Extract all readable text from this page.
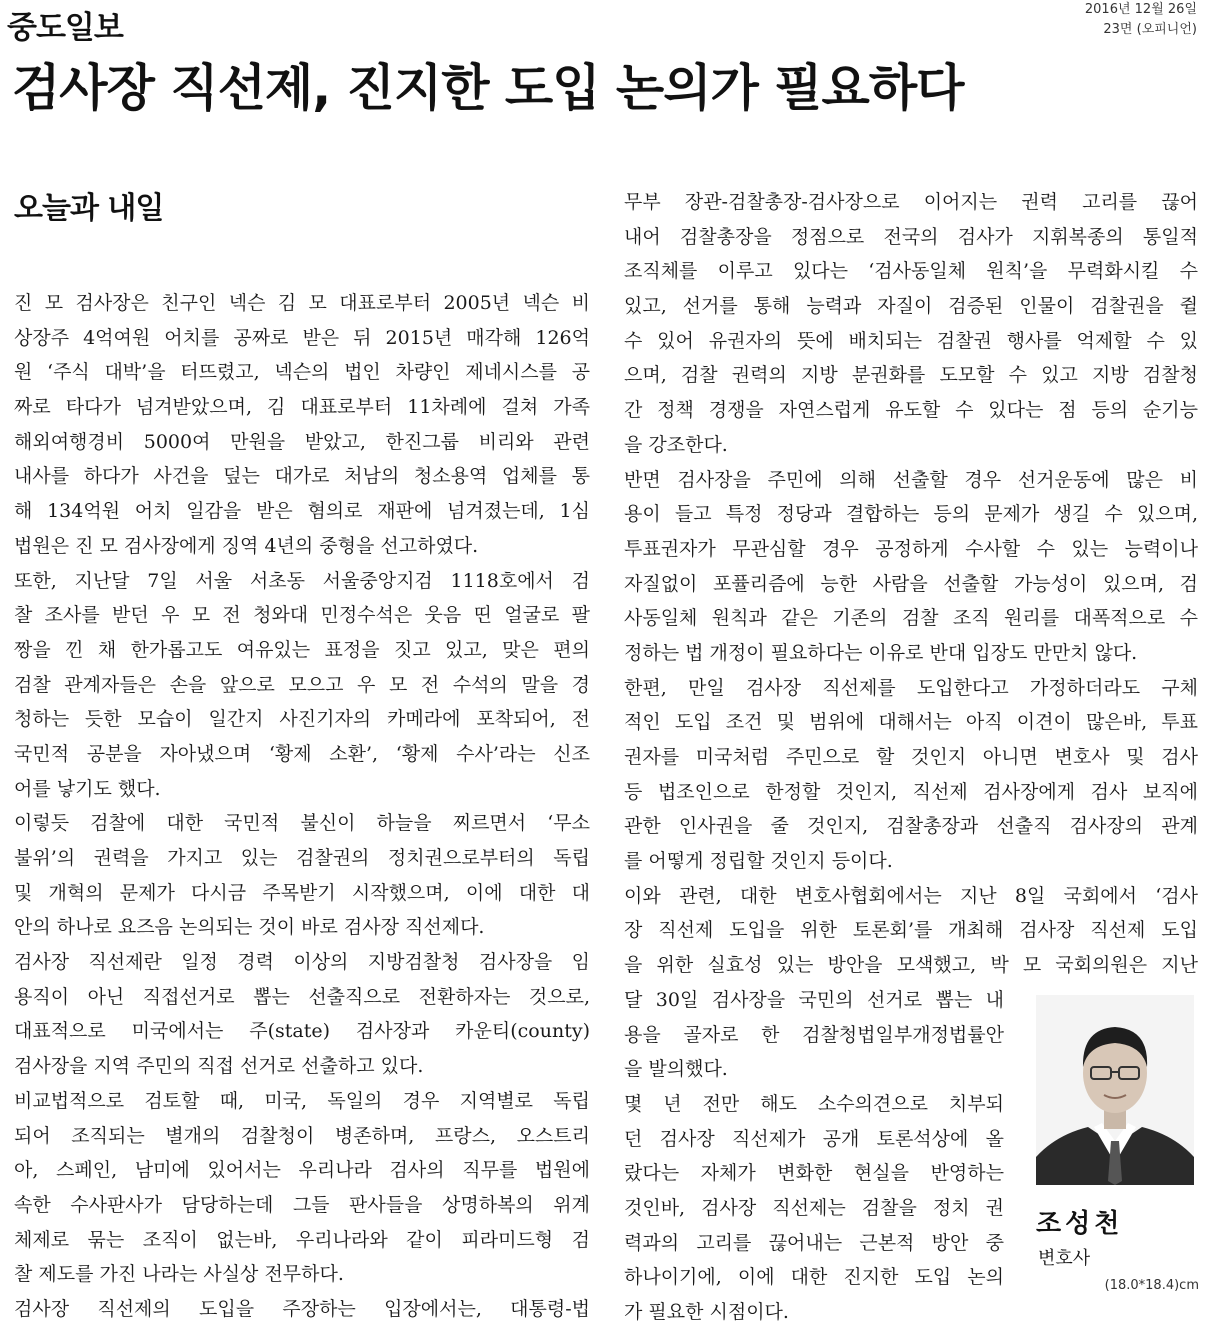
중도일보
2016년 12월 26일
23면 (오피니언)
검사장 직선제, 진지한 도입 논의가 필요하다
오늘과 내일
진 모 검사장은 친구인 넥슨 김 모 대표로부터 2005년 넥슨 비
상장주 4억여원 어치를 공짜로 받은 뒤 2015년 매각해 126억
원 ‘주식 대박’을 터뜨렸고, 넥슨의 법인 차량인 제네시스를 공
짜로 타다가 넘겨받았으며, 김 대표로부터 11차례에 걸쳐 가족
해외여행경비 5000여 만원을 받았고, 한진그룹 비리와 관련
내사를 하다가 사건을 덮는 대가로 처남의 청소용역 업체를 통
해 134억원 어치 일감을 받은 혐의로 재판에 넘겨졌는데, 1심
법원은 진 모 검사장에게 징역 4년의 중형을 선고하였다.
또한, 지난달 7일 서울 서초동 서울중앙지검 1118호에서 검
찰 조사를 받던 우 모 전 청와대 민정수석은 웃음 띤 얼굴로 팔
짱을 낀 채 한가롭고도 여유있는 표정을 짓고 있고, 맞은 편의
검찰 관계자들은 손을 앞으로 모으고 우 모 전 수석의 말을 경
청하는 듯한 모습이 일간지 사진기자의 카메라에 포착되어, 전
국민적 공분을 자아냈으며 ‘황제 소환’, ‘황제 수사’라는 신조
어를 낳기도 했다.
이렇듯 검찰에 대한 국민적 불신이 하늘을 찌르면서 ‘무소
불위’의 권력을 가지고 있는 검찰권의 정치권으로부터의 독립
및 개혁의 문제가 다시금 주목받기 시작했으며, 이에 대한 대
안의 하나로 요즈음 논의되는 것이 바로 검사장 직선제다.
검사장 직선제란 일정 경력 이상의 지방검찰청 검사장을 임
용직이 아닌 직접선거로 뽑는 선출직으로 전환하자는 것으로,
대표적으로 미국에서는 주(state) 검사장과 카운티(county)
검사장을 지역 주민의 직접 선거로 선출하고 있다.
비교법적으로 검토할 때, 미국, 독일의 경우 지역별로 독립
되어 조직되는 별개의 검찰청이 병존하며, 프랑스, 오스트리
아, 스페인, 남미에 있어서는 우리나라 검사의 직무를 법원에
속한 수사판사가 담당하는데 그들 판사들을 상명하복의 위계
체제로 묶는 조직이 없는바, 우리나라와 같이 피라미드형 검
찰 제도를 가진 나라는 사실상 전무하다.
검사장 직선제의 도입을 주장하는 입장에서는, 대통령-법
무부 장관-검찰총장-검사장으로 이어지는 권력 고리를 끊어
내어 검찰총장을 정점으로 전국의 검사가 지휘복종의 통일적
조직체를 이루고 있다는 ‘검사동일체 원칙’을 무력화시킬 수
있고, 선거를 통해 능력과 자질이 검증된 인물이 검찰권을 쥘
수 있어 유권자의 뜻에 배치되는 검찰권 행사를 억제할 수 있
으며, 검찰 권력의 지방 분권화를 도모할 수 있고 지방 검찰청
간 정책 경쟁을 자연스럽게 유도할 수 있다는 점 등의 순기능
을 강조한다.
반면 검사장을 주민에 의해 선출할 경우 선거운동에 많은 비
용이 들고 특정 정당과 결합하는 등의 문제가 생길 수 있으며,
투표권자가 무관심할 경우 공정하게 수사할 수 있는 능력이나
자질없이 포퓰리즘에 능한 사람을 선출할 가능성이 있으며, 검
사동일체 원칙과 같은 기존의 검찰 조직 원리를 대폭적으로 수
정하는 법 개정이 필요하다는 이유로 반대 입장도 만만치 않다.
한편, 만일 검사장 직선제를 도입한다고 가정하더라도 구체
적인 도입 조건 및 범위에 대해서는 아직 이견이 많은바, 투표
권자를 미국처럼 주민으로 할 것인지 아니면 변호사 및 검사
등 법조인으로 한정할 것인지, 직선제 검사장에게 검사 보직에
관한 인사권을 줄 것인지, 검찰총장과 선출직 검사장의 관계
를 어떻게 정립할 것인지 등이다.
이와 관련, 대한 변호사협회에서는 지난 8일 국회에서 ‘검사
장 직선제 도입을 위한 토론회’를 개최해 검사장 직선제 도입
을 위한 실효성 있는 방안을 모색했고, 박 모 국회의원은 지난
달 30일 검사장을 국민의 선거로 뽑는 내
용을 골자로 한 검찰청법일부개정법률안
을 발의했다.
몇 년 전만 해도 소수의견으로 치부되
던 검사장 직선제가 공개 토론석상에 올
랐다는 자체가 변화한 현실을 반영하는
것인바, 검사장 직선제는 검찰을 정치 권
력과의 고리를 끊어내는 근본적 방안 중
하나이기에, 이에 대한 진지한 도입 논의
가 필요한 시점이다.
조성천
변호사
(18.0*18.4)cm
